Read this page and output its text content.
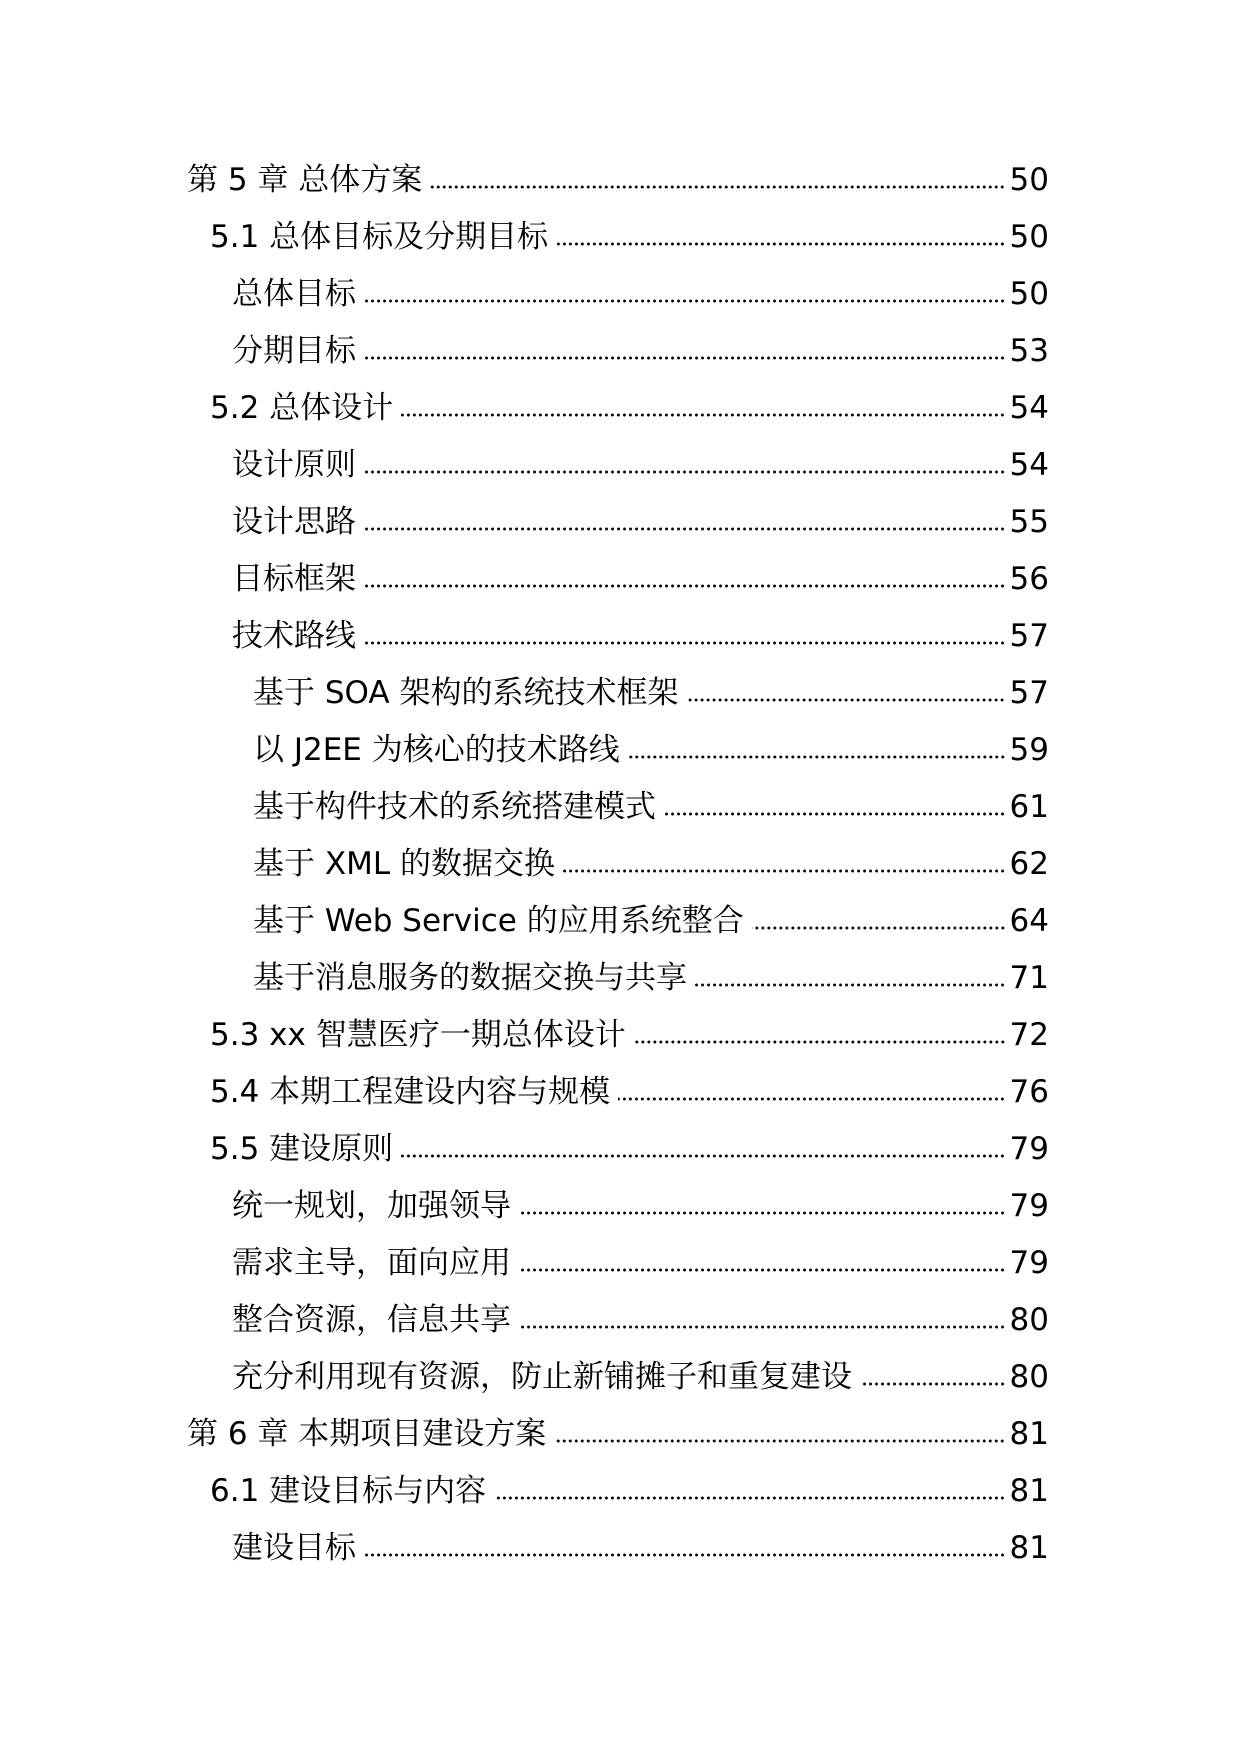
第 5 章 总体方案	50
5.1 总体目标及分期目标	50
总体目标	50
分期目标	53
5.2 总体设计	54
设计原则	54
设计思路	55
目标框架	56
技术路线	57
基于 SOA 架构的系统技术框架	57
以 J2EE 为核心的技术路线	59
基于构件技术的系统搭建模式	61
基于 XML 的数据交换	62
基于 Web Service 的应用系统整合	64
基于消息服务的数据交换与共享	71
5.3 xx 智慧医疗一期总体设计	72
5.4 本期工程建设内容与规模	76
5.5 建设原则	79
统一规划，加强领导	79
需求主导，面向应用	79
整合资源，信息共享	80
充分利用现有资源，防止新铺摊子和重复建设	80
第 6 章 本期项目建设方案	81
6.1 建设目标与内容	81
建设目标	81
